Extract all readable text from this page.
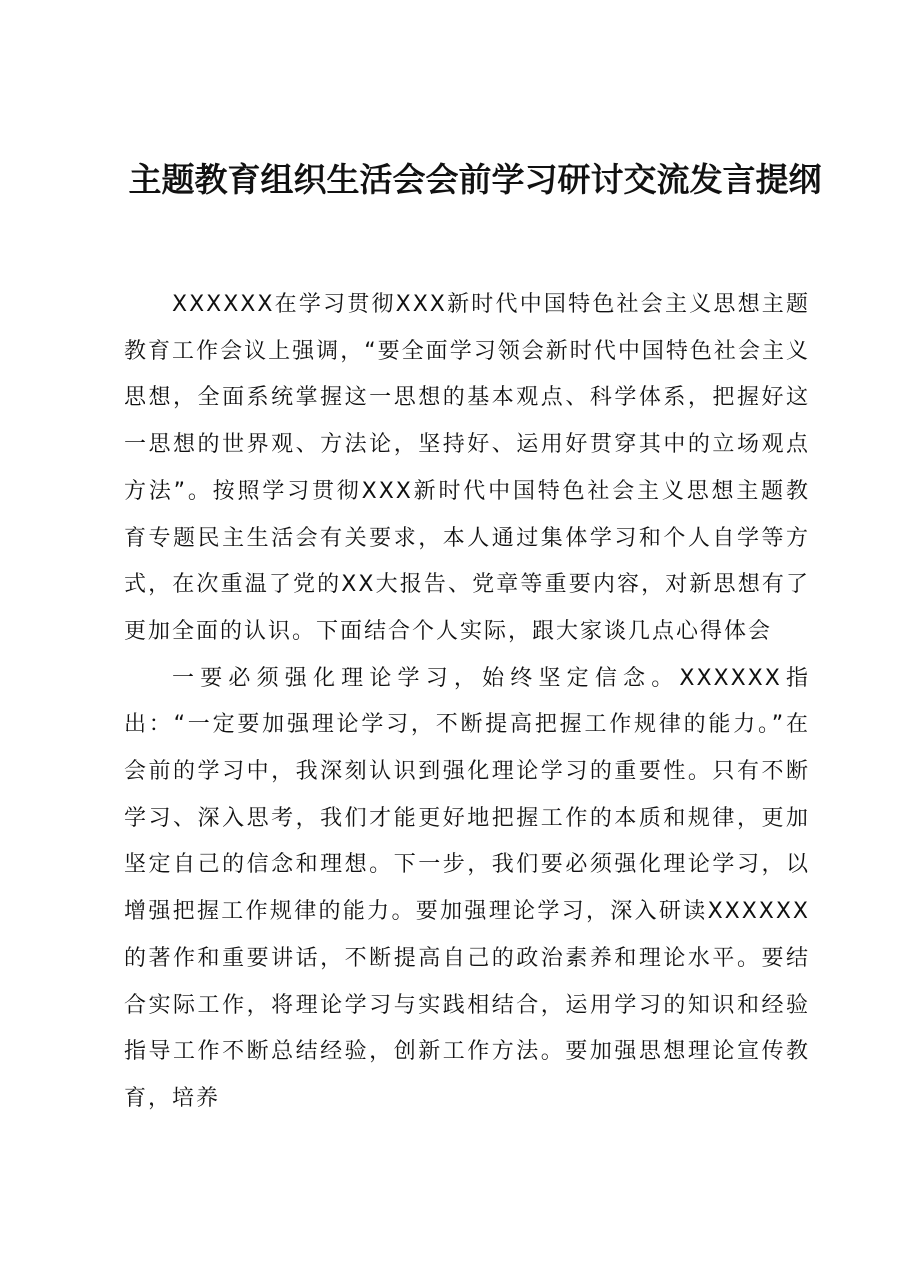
主题教育组织生活会会前学习研讨交流发言提纲

XXXXXX在学习贯彻XXX新时代中国特色社会主义思想主题教育工作会议上强调，“要全面学习领会新时代中国特色社会主义思想，全面系统掌握这一思想的基本观点、科学体系，把握好这一思想的世界观、方法论，坚持好、运用好贯穿其中的立场观点方法”。按照学习贯彻XXX新时代中国特色社会主义思想主题教育专题民主生活会有关要求，本人通过集体学习和个人自学等方式，在次重温了党的XX大报告、党章等重要内容，对新思想有了更加全面的认识。下面结合个人实际，跟大家谈几点心得体会

一要必须强化理论学习，始终坚定信念。XXXXXX指出：“一定要加强理论学习，不断提高把握工作规律的能力。”在会前的学习中，我深刻认识到强化理论学习的重要性。只有不断学习、深入思考，我们才能更好地把握工作的本质和规律，更加坚定自己的信念和理想。下一步，我们要必须强化理论学习，以增强把握工作规律的能力。要加强理论学习，深入研读XXXXXX的著作和重要讲话，不断提高自己的政治素养和理论水平。要结合实际工作，将理论学习与实践相结合，运用学习的知识和经验指导工作不断总结经验，创新工作方法。要加强思想理论宣传教育，培养
